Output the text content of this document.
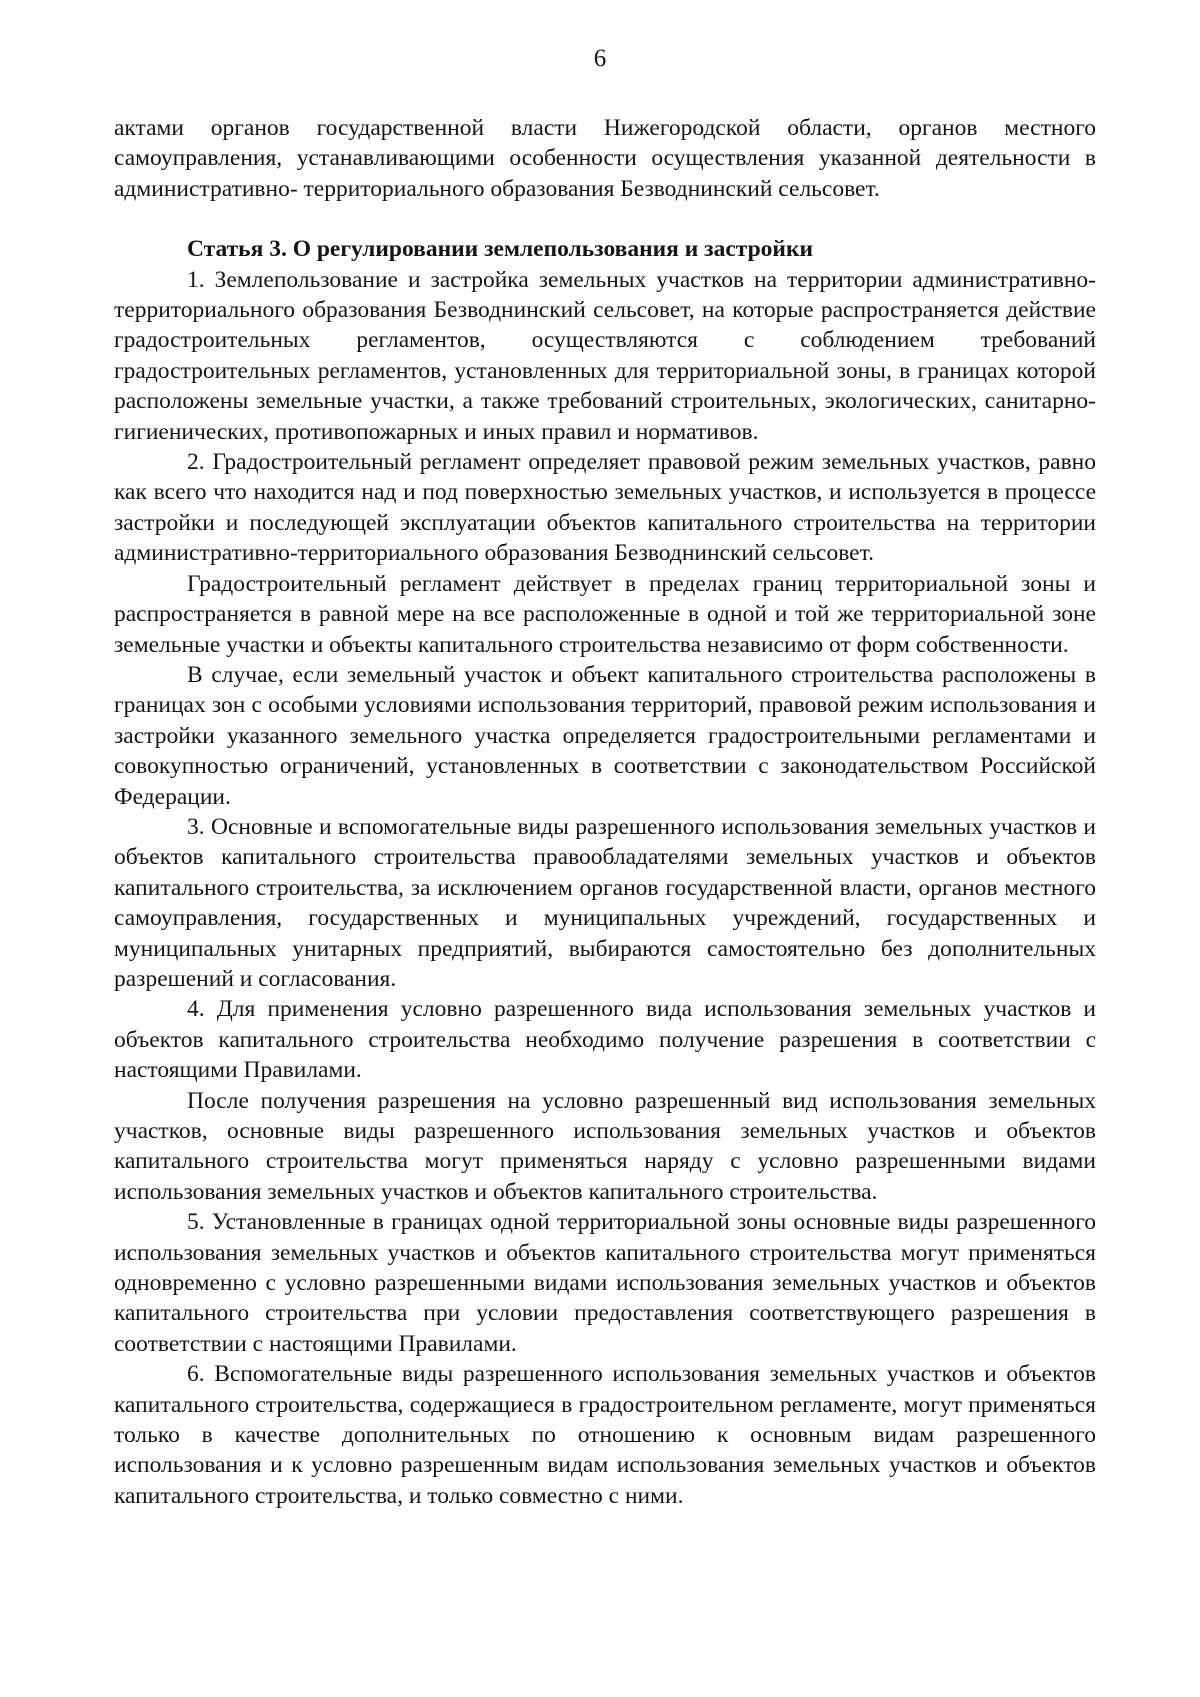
6

актами органов государственной власти Нижегородской области, органов местного самоуправления, устанавливающими особенности осуществления указанной деятельности в административно- территориального образования Безводнинский сельсовет.

Статья 3. О регулировании землепользования и застройки

1. Землепользование и застройка земельных участков на территории административно-территориального образования Безводнинский сельсовет, на которые распространяется действие градостроительных регламентов, осуществляются с соблюдением требований градостроительных регламентов, установленных для территориальной зоны, в границах которой расположены земельные участки, а также требований строительных, экологических, санитарно-гигиенических, противопожарных и иных правил и нормативов.

2. Градостроительный регламент определяет правовой режим земельных участков, равно как всего что находится над и под поверхностью земельных участков, и используется в процессе застройки и последующей эксплуатации объектов капитального строительства на территории административно-территориального образования Безводнинский сельсовет.

Градостроительный регламент действует в пределах границ территориальной зоны и распространяется в равной мере на все расположенные в одной и той же территориальной зоне земельные участки и объекты капитального строительства независимо от форм собственности.

В случае, если земельный участок и объект капитального строительства расположены в границах зон с особыми условиями использования территорий, правовой режим использования и застройки указанного земельного участка определяется градостроительными регламентами и совокупностью ограничений, установленных в соответствии с законодательством Российской Федерации.

3. Основные и вспомогательные виды разрешенного использования земельных участков и объектов капитального строительства правообладателями земельных участков и объектов капитального строительства, за исключением органов государственной власти, органов местного самоуправления, государственных и муниципальных учреждений, государственных и муниципальных унитарных предприятий, выбираются самостоятельно без дополнительных разрешений и согласования.

4. Для применения условно разрешенного вида использования земельных участков и объектов капитального строительства необходимо получение разрешения в соответствии с настоящими Правилами.

После получения разрешения на условно разрешенный вид использования земельных участков, основные виды разрешенного использования земельных участков и объектов капитального строительства могут применяться наряду с условно разрешенными видами использования земельных участков и объектов капитального строительства.

5. Установленные в границах одной территориальной зоны основные виды разрешенного использования земельных участков и объектов капитального строительства могут применяться одновременно с условно разрешенными видами использования земельных участков и объектов капитального строительства при условии предоставления соответствующего разрешения в соответствии с настоящими Правилами.

6. Вспомогательные виды разрешенного использования земельных участков и объектов капитального строительства, содержащиеся в градостроительном регламенте, могут применяться только в качестве дополнительных по отношению к основным видам разрешенного использования и к условно разрешенным видам использования земельных участков и объектов капитального строительства, и только совместно с ними.
